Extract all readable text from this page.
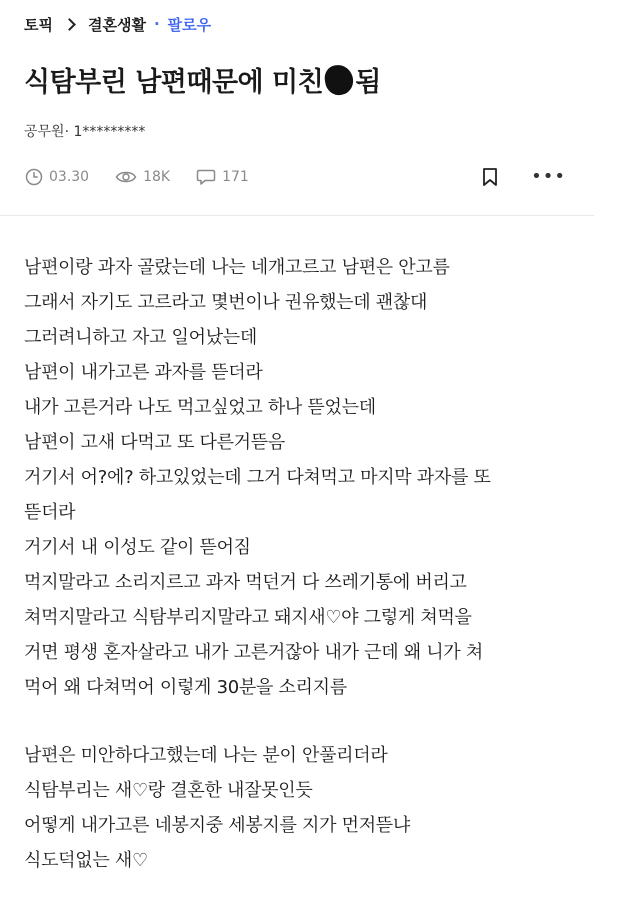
토픽 결혼생활 · 팔로우
식탐부린 남편때문에 미친 됨
공무원· 1*********
03.30	18K	171	•••
남편이랑 과자 골랐는데 나는 네개고르고 남편은 안고름
그래서 자기도 고르라고 몇번이나 권유했는데 괜찮대
그러려니하고 자고 일어났는데
남편이 내가고른 과자를 뜯더라
내가 고른거라 나도 먹고싶었고 하나 뜯었는데
남편이 고새 다먹고 또 다른거뜯음
거기서 어?에? 하고있었는데 그거 다쳐먹고 마지막 과자를 또
뜯더라
거기서 내 이성도 같이 뜯어짐
먹지말라고 소리지르고 과자 먹던거 다 쓰레기통에 버리고
쳐먹지말라고 식탐부리지말라고 돼지새♡야 그렇게 쳐먹을
거면 평생 혼자살라고 내가 고른거잖아 내가 근데 왜 니가 쳐
먹어 왜 다쳐먹어 이렇게 30분을 소리지름
남편은 미안하다고했는데 나는 분이 안풀리더라
식탐부리는 새♡랑 결혼한 내잘못인듯
어떻게 내가고른 네봉지중 세봉지를 지가 먼저뜯냐
식도덕없는 새♡
